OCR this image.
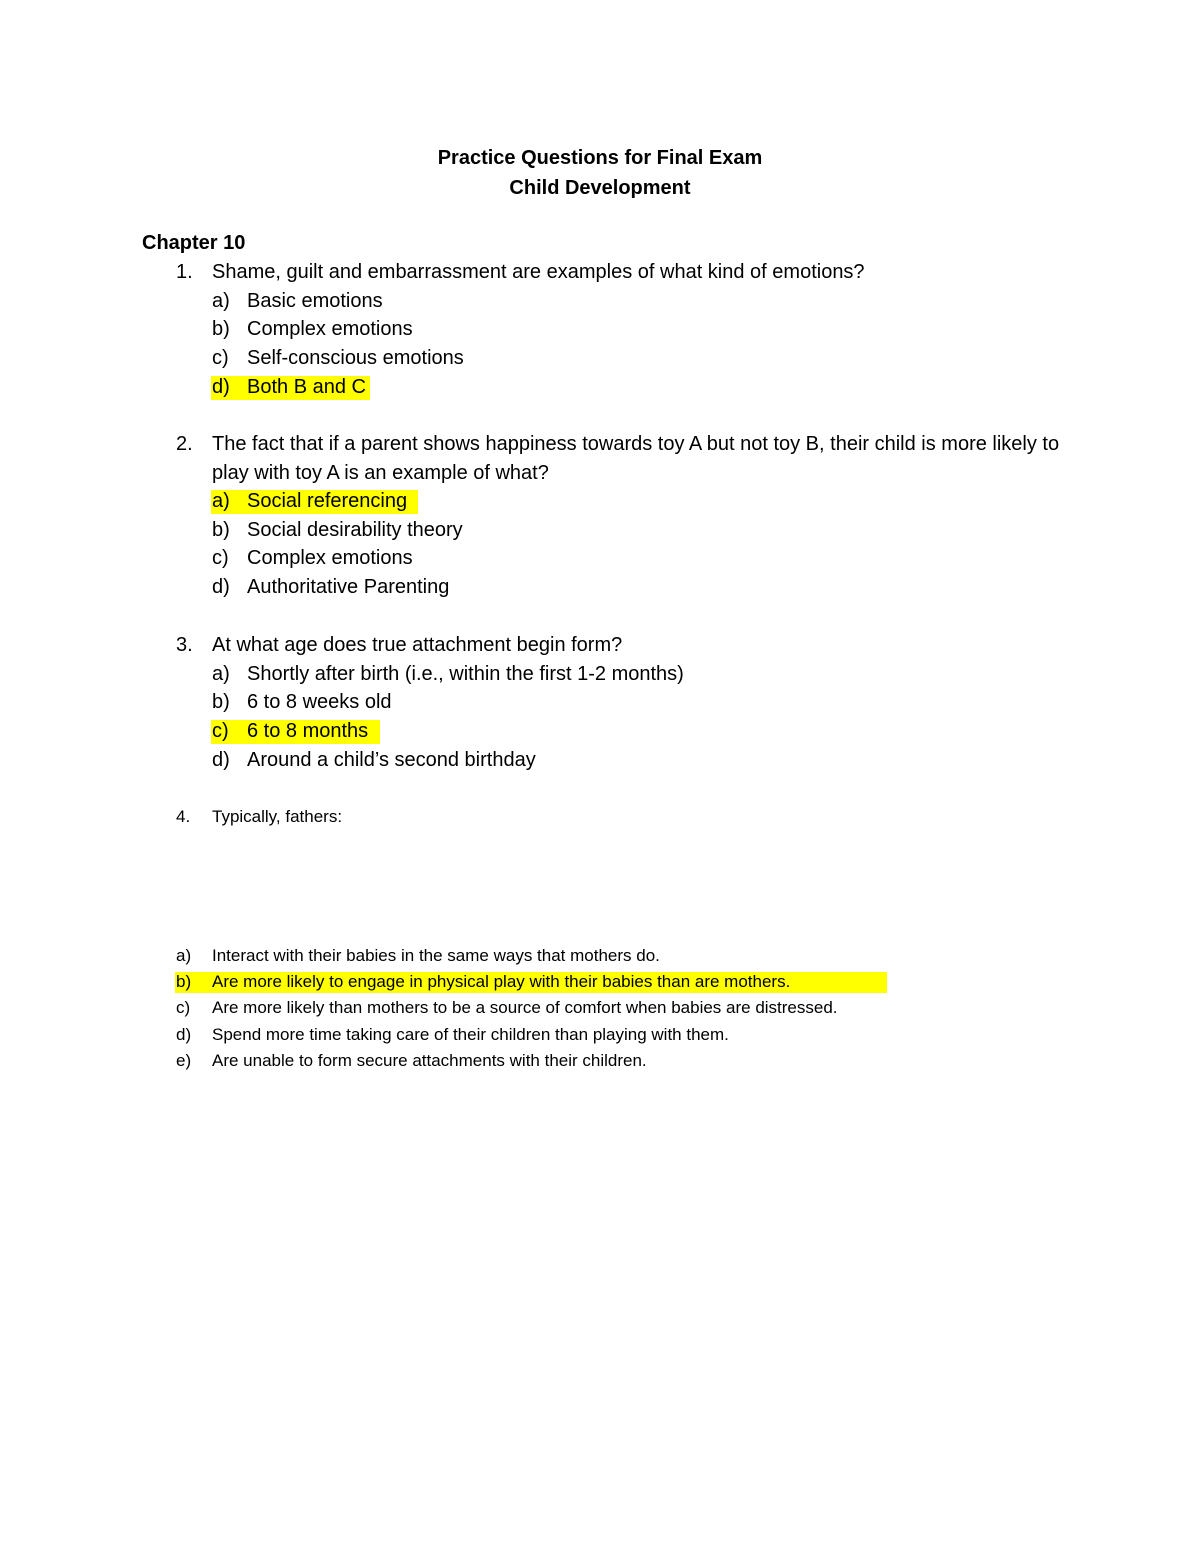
Practice Questions for Final Exam
Child Development
Chapter 10
1. Shame, guilt and embarrassment are examples of what kind of emotions?
a) Basic emotions
b) Complex emotions
c) Self-conscious emotions
d) Both B and C
2. The fact that if a parent shows happiness towards toy A but not toy B, their child is more likely to play with toy A is an example of what?
a) Social referencing
b) Social desirability theory
c) Complex emotions
d) Authoritative Parenting
3. At what age does true attachment begin form?
a) Shortly after birth (i.e., within the first 1-2 months)
b) 6 to 8 weeks old
c) 6 to 8 months
d) Around a child’s second birthday
4. Typically, fathers:
a) Interact with their babies in the same ways that mothers do.
b) Are more likely to engage in physical play with their babies than are mothers.
c) Are more likely than mothers to be a source of comfort when babies are distressed.
d) Spend more time taking care of their children than playing with them.
e) Are unable to form secure attachments with their children.
